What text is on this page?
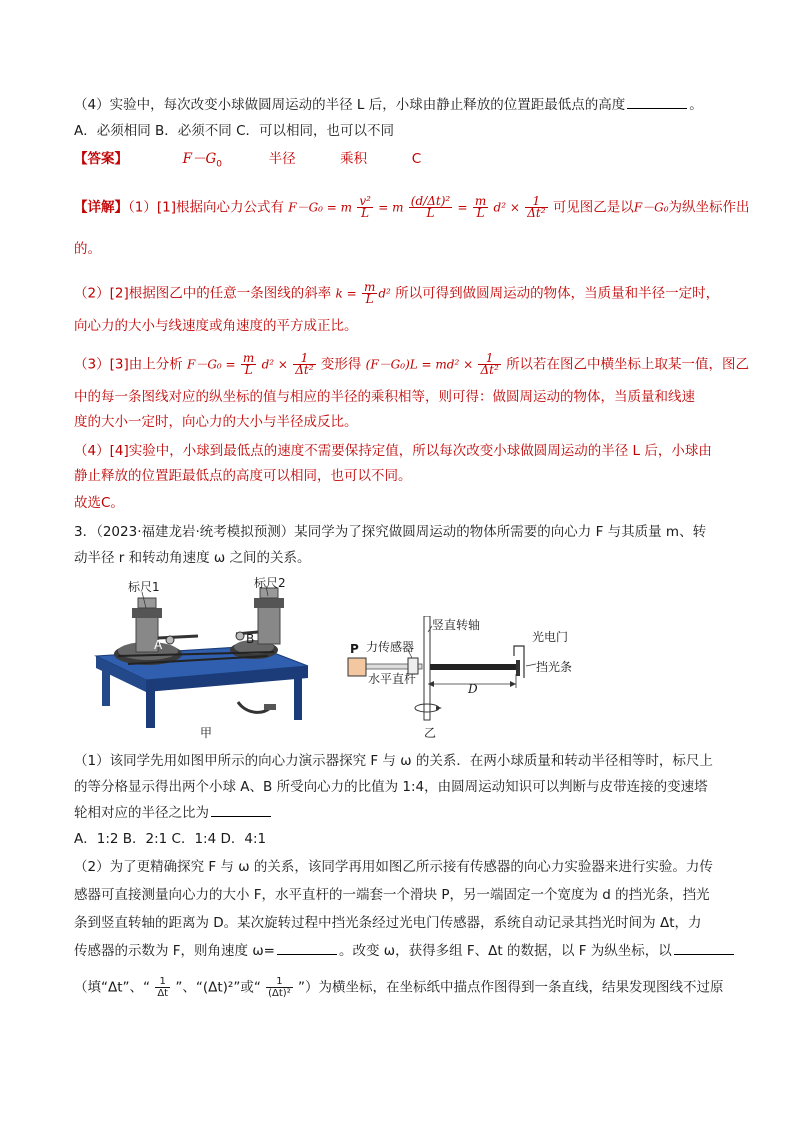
（4）实验中，每次改变小球做圆周运动的半径 L 后，小球由静止释放的位置距最低点的高度	。
A．必须相同 B．必须不同 C．可以相同，也可以不同
【答案】	$F-G_0$	半径	乘积	C
【详解】（1）[1]根据向心力公式有 F－G₀ = m $\frac{\text{v²}}{L} = m \frac{\text{(d/Δt)²}}{L} = \frac{m}{L} d^2 \times \frac{1}{\text{Δt²}}$ 可见图乙是以F－G₀为纵坐标作出
的。
（2）[2]根据图乙中的任意一条图线的斜率 $k = \frac{m}{L} d^2$ 所以可得到做圆周运动的物体，当质量和半径一定时，
向心力的大小与线速度或角速度的平方成正比。
（3）[3]由上分析 $F-G_0 = \frac{m}{L} d^2 \times \frac{1}{\text{Δt²}}$ 变形得 $(F-G_0)L = md^2 \times \frac{1}{\text{Δt²}}$ 所以若在图乙中横坐标上取某一值，图乙
中的每一条图线对应的纵坐标的值与相应的半径的乘积相等，则可得：做圆周运动的物体，当质量和线速
度的大小一定时，向心力的大小与半径成反比。
（4）[4]实验中，小球到最低点的速度不需要保持定值，所以每次改变小球做圆周运动的半径 L 后，小球由
静止释放的位置距最低点的高度可以相同，也可以不同。
故选C。
3．（2023·福建龙岩·统考模拟预测）某同学为了探究做圆周运动的物体所需要的向心力 F 与其质量 m、转
动半径 r 和转动角速度 ω 之间的关系。
标尺1	标尺2
A	B
甲
竖直转轴
力传感器
光电门
挡光条
水平直杆
P
D
乙
（1）该同学先用如图甲所示的向心力演示器探究 F 与 ω 的关系．在两小球质量和转动半径相等时，标尺上
的等分格显示得出两个小球 A、B 所受向心力的比值为 1:4，由圆周运动知识可以判断与皮带连接的变速塔
轮相对应的半径之比为
A．1:2 B．2:1 C．1:4 D．4:1
（2）为了更精确探究 F 与 ω 的关系，该同学再用如图乙所示接有传感器的向心力实验器来进行实验。力传
感器可直接测量向心力的大小 F，水平直杆的一端套一个滑块 P，另一端固定一个宽度为 d 的挡光条，挡光
条到竖直转轴的距离为 D。某次旋转过程中挡光条经过光电门传感器，系统自动记录其挡光时间为 Δt，力
传感器的示数为 F，则角速度 ω=	。改变 ω，获得多组 F、Δt 的数据，以 F 为纵坐标，以
（填“Δt”、“ $\frac{1}{\Delta t}$ ”、“(Δt)²”或“ $\frac{1}{\text{(Δt)²}}$ ”）为横坐标，在坐标纸中描点作图得到一条直线，结果发现图线不过原
